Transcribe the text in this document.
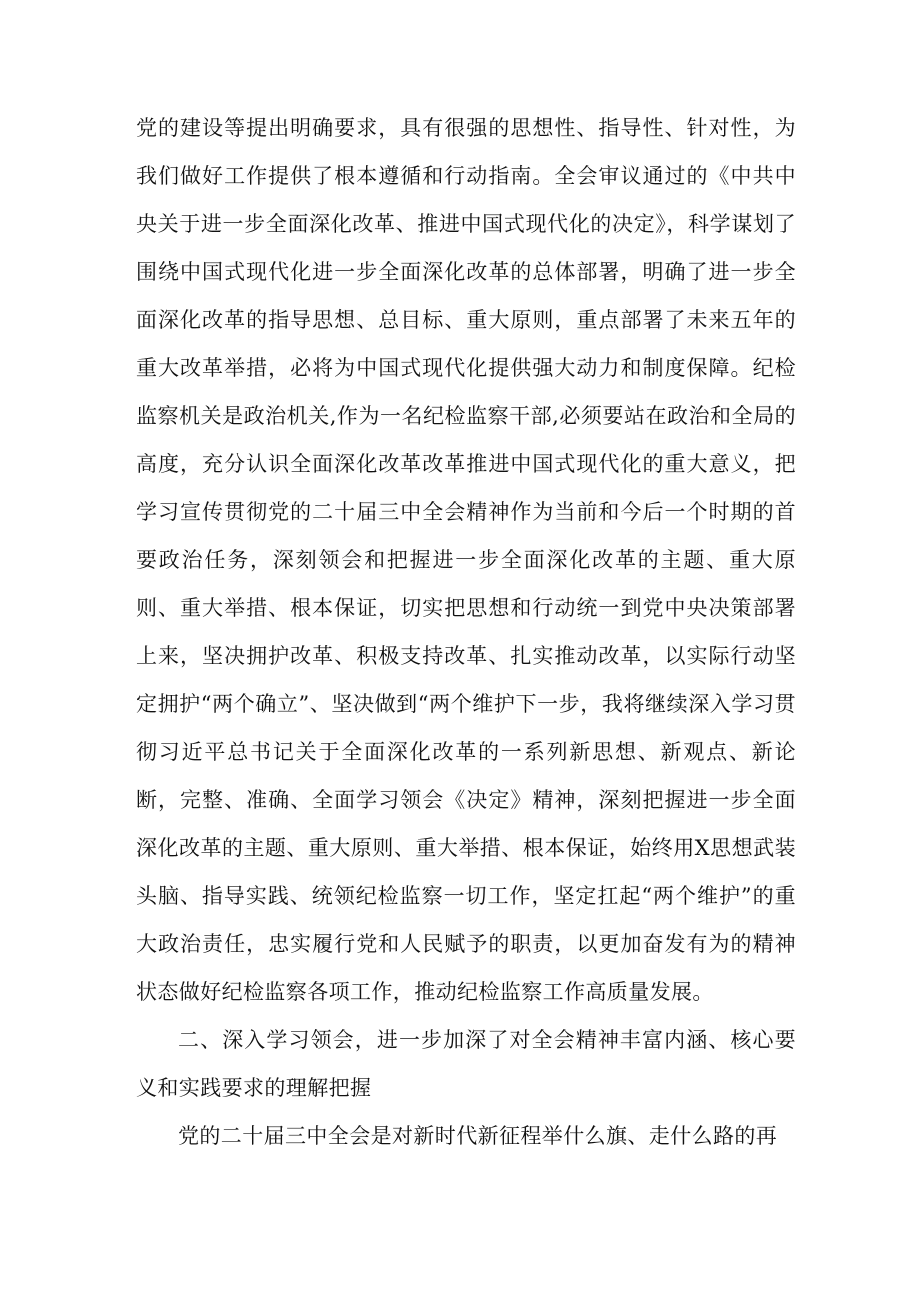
党的建设等提出明确要求，具有很强的思想性、指导性、针对性，为我们做好工作提供了根本遵循和行动指南。全会审议通过的《中共中央关于进一步全面深化改革、推进中国式现代化的决定》，科学谋划了围绕中国式现代化进一步全面深化改革的总体部署，明确了进一步全面深化改革的指导思想、总目标、重大原则，重点部署了未来五年的重大改革举措，必将为中国式现代化提供强大动力和制度保障。纪检监察机关是政治机关,作为一名纪检监察干部,必须要站在政治和全局的高度，充分认识全面深化改革改革推进中国式现代化的重大意义，把学习宣传贯彻党的二十届三中全会精神作为当前和今后一个时期的首要政治任务，深刻领会和把握进一步全面深化改革的主题、重大原则、重大举措、根本保证，切实把思想和行动统一到党中央决策部署上来，坚决拥护改革、积极支持改革、扎实推动改革，以实际行动坚定拥护“两个确立”、坚决做到“两个维护下一步，我将继续深入学习贯彻习近平总书记关于全面深化改革的一系列新思想、新观点、新论断，完整、准确、全面学习领会《决定》精神，深刻把握进一步全面深化改革的主题、重大原则、重大举措、根本保证，始终用X思想武装头脑、指导实践、统领纪检监察一切工作，坚定扛起“两个维护”的重大政治责任，忠实履行党和人民赋予的职责，以更加奋发有为的精神状态做好纪检监察各项工作，推动纪检监察工作高质量发展。

二、深入学习领会，进一步加深了对全会精神丰富内涵、核心要义和实践要求的理解把握

党的二十届三中全会是对新时代新征程举什么旗、走什么路的再
